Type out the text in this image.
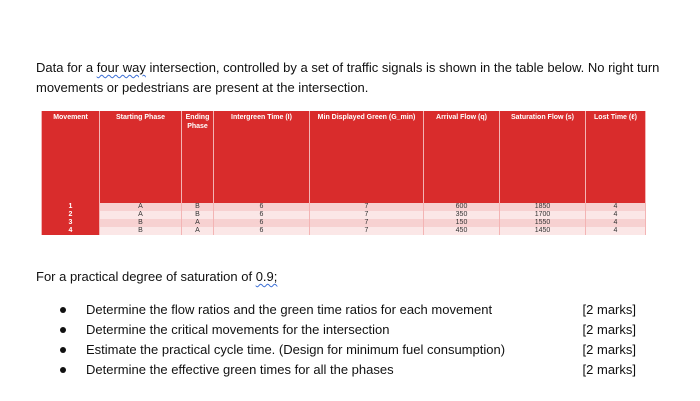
Data for a four way intersection, controlled by a set of traffic signals is shown in the table below. No right turn movements or pedestrians are present at the intersection.

Movement	Starting Phase	Ending Phase	Intergreen Time (I)	Min Displayed Green (G_min)	Arrival Flow (q)	Saturation Flow (s)	Lost Time (ℓ)
1	A	B	6	7	600	1850	4
2	A	B	6	7	350	1700	4
3	B	A	6	7	150	1550	4
4	B	A	6	7	450	1450	4

For a practical degree of saturation of 0.9;

Determine the flow ratios and the green time ratios for each movement	[2 marks]
Determine the critical movements for the intersection	[2 marks]
Estimate the practical cycle time. (Design for minimum fuel consumption)	[2 marks]
Determine the effective green times for all the phases	[2 marks]
